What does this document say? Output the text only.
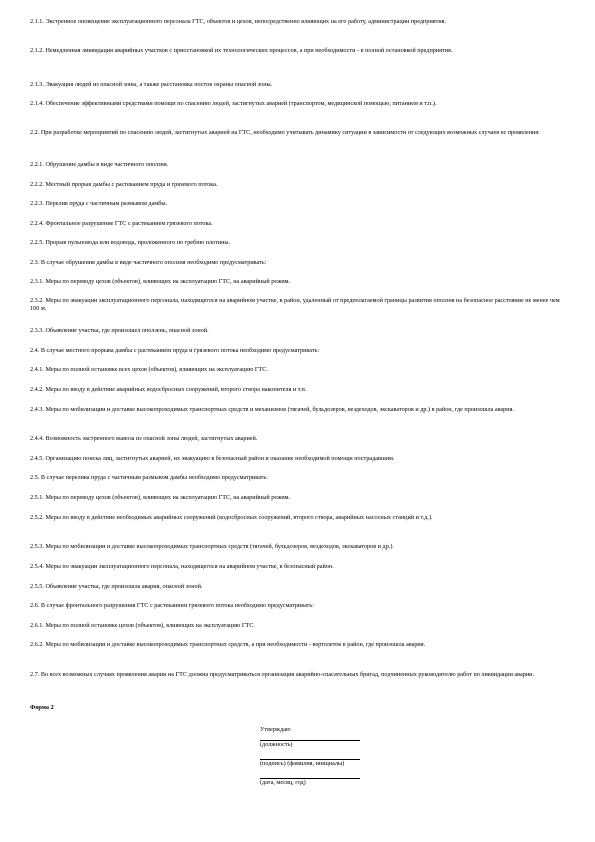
2.1.1. Экстренное оповещение эксплуатационного персонала ГТС, объектов и цехов, непосредственно влияющих на его работу, администрации предприятия.

2.1.2. Немедленная ликвидация аварийных участков с приостановкой их технологических процессов, а при необходимости - в полной остановкой предприятия.

2.1.3. Эвакуация людей из опасной зоны, а также расстановка постов охраны опасной зоны.

2.1.4. Обеспечение эффективными средствами помощи по спасению людей, застигнутых аварией (транспортом, медицинской помощью, питанием и т.п.).

2.2. При разработке мероприятий по спасению людей, застигнутых аварией на ГТС, необходимо учитывать динамику ситуации в зависимости от следующих возможных случаев ее проявления:

2.2.1. Обрушение дамбы в виде частичного оползня.

2.2.2. Местный прорыв дамбы с растеканием пруда и грязевого потока.

2.2.3. Перелив пруда с частичным размывом дамбы.

2.2.4. Фронтальное разрушение ГТС с растеканием грязевого потока.

2.2.5. Прорыв пульповода или водовода, проложенного по гребню плотины.

2.3. В случае обрушения дамбы в виде частичного оползня необходимо предусматривать:

2.3.1. Меры по переводу цехов (объектов), влияющих на эксплуатацию ГТС, на аварийный режим.

2.3.2. Меры по эвакуации эксплуатационного персонала, находящегося на аварийном участке, в район, удаленный от предполагаемой границы развития оползня на безопасное расстояние не менее чем 100 м.

2.3.3. Объявление участка, где произошел оползень, опасной зоной.

2.4. В случае местного прорыва дамбы с растеканием пруда и грязевого потока необходимо предусматривать:

2.4.1. Меры по полной остановке всех цехов (объектов), влияющих на эксплуатацию ГТС.

2.4.2. Меры по вводу в действие аварийных водосбросных сооружений, второго створа накопителя и т.п.

2.4.3. Меры по мобилизации и доставке высокопроходимых транспортных средств и механизмов (тягачей, бульдозеров, вездеходов, экскаваторов и др.) в район, где произошла авария.

2.4.4. Возможность экстренного вывоза из опасной зоны людей, застигнутых аварией.

2.4.5. Организацию поиска лиц, застигнутых аварией, их эвакуацию в безопасный район и оказание необходимой помощи пострадавшим.

2.5. В случае перелива пруда с частичным размывом дамбы необходимо предусматривать:

2.5.1. Меры по переводу цехов (объектов), влияющих на эксплуатацию ГТС, на аварийный режим.

2.5.2. Меры по вводу в действие необходимых аварийных сооружений (водосбросных сооружений, второго створа, аварийных насосных станций и т.д.).

2.5.3. Меры по мобилизации и доставке высокопроходимых транспортных средств (тягачей, бульдозеров, вездеходов, экскаваторов и др.).

2.5.4. Меры по эвакуации эксплуатационного персонала, находящегося на аварийном участке, в безопасный район.

2.5.5. Объявление участка, где произошла авария, опасной зоной.

2.6. В случае фронтального разрушения ГТС с растеканием грязевого потока необходимо предусматривать:

2.6.1. Меры по полной остановке цехов (объектов), влияющих на эксплуатацию ГТС.

2.6.2. Меры по мобилизации и доставке высокопроходимых транспортных средств, а при необходимости - вертолетов в район, где произошла авария.

2.7. Во всех возможных случаях проявления аварии на ГТС должна предусматриваться организация аварийно-спасательных бригад, подчиненных руководителю работ по ликвидации аварии.

Форма 2

Утверждаю
(должность)
(подпись) (фамилия, инициалы)
(дата, месяц, год)
